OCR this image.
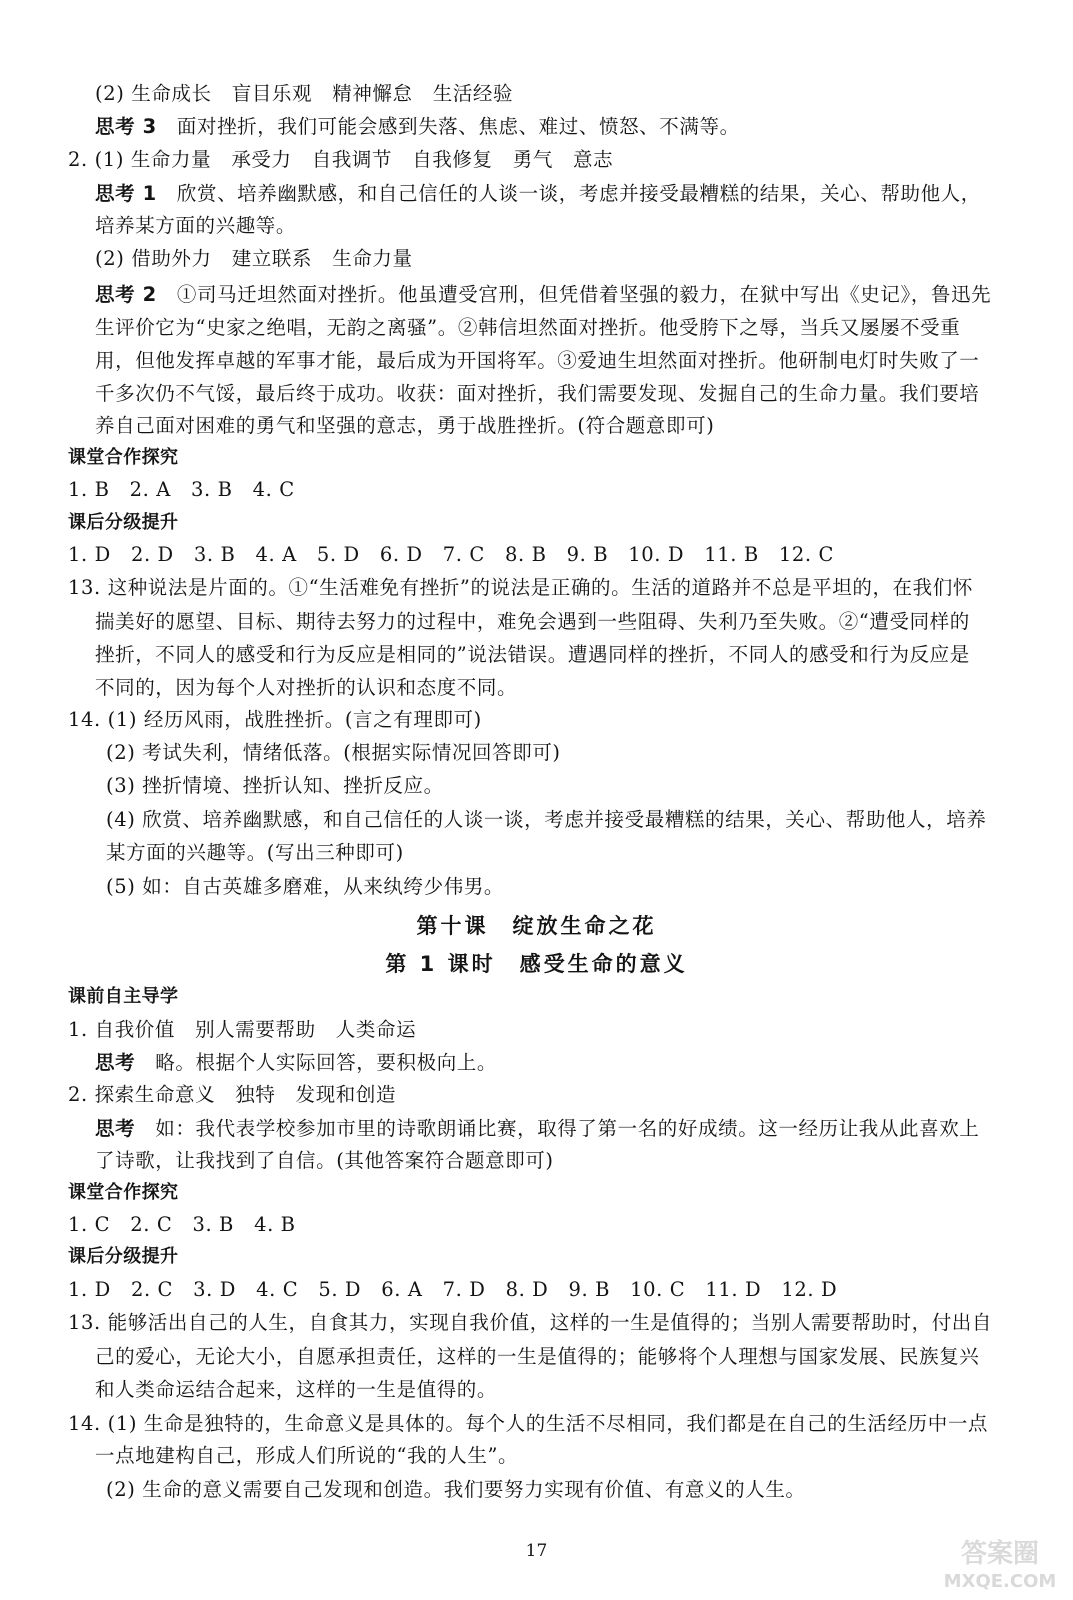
(2) 生命成长　盲目乐观　精神懈怠　生活经验
思考 3　面对挫折，我们可能会感到失落、焦虑、难过、愤怒、不满等。
2. (1) 生命力量　承受力　自我调节　自我修复　勇气　意志
思考 1　欣赏、培养幽默感，和自己信任的人谈一谈，考虑并接受最糟糕的结果，关心、帮助他人，
培养某方面的兴趣等。
(2) 借助外力　建立联系　生命力量
思考 2　①司马迁坦然面对挫折。他虽遭受宫刑，但凭借着坚强的毅力，在狱中写出《史记》，鲁迅先
生评价它为“史家之绝唱，无韵之离骚”。②韩信坦然面对挫折。他受胯下之辱，当兵又屡屡不受重
用，但他发挥卓越的军事才能，最后成为开国将军。③爱迪生坦然面对挫折。他研制电灯时失败了一
千多次仍不气馁，最后终于成功。收获：面对挫折，我们需要发现、发掘自己的生命力量。我们要培
养自己面对困难的勇气和坚强的意志，勇于战胜挫折。(符合题意即可)
课堂合作探究
1. B　2. A　3. B　4. C
课后分级提升
1. D　2. D　3. B　4. A　5. D　6. D　7. C　8. B　9. B　10. D　11. B　12. C
13. 这种说法是片面的。①“生活难免有挫折”的说法是正确的。生活的道路并不总是平坦的，在我们怀
揣美好的愿望、目标、期待去努力的过程中，难免会遇到一些阻碍、失利乃至失败。②“遭受同样的
挫折，不同人的感受和行为反应是相同的”说法错误。遭遇同样的挫折，不同人的感受和行为反应是
不同的，因为每个人对挫折的认识和态度不同。
14. (1) 经历风雨，战胜挫折。(言之有理即可)
(2) 考试失利，情绪低落。(根据实际情况回答即可)
(3) 挫折情境、挫折认知、挫折反应。
(4) 欣赏、培养幽默感，和自己信任的人谈一谈，考虑并接受最糟糕的结果，关心、帮助他人，培养
某方面的兴趣等。(写出三种即可)
(5) 如：自古英雄多磨难，从来纨绔少伟男。
第十课　绽放生命之花
第 1 课时　感受生命的意义
课前自主导学
1. 自我价值　别人需要帮助　人类命运
思考　略。根据个人实际回答，要积极向上。
2. 探索生命意义　独特　发现和创造
思考　如：我代表学校参加市里的诗歌朗诵比赛，取得了第一名的好成绩。这一经历让我从此喜欢上
了诗歌，让我找到了自信。(其他答案符合题意即可)
课堂合作探究
1. C　2. C　3. B　4. B
课后分级提升
1. D　2. C　3. D　4. C　5. D　6. A　7. D　8. D　9. B　10. C　11. D　12. D
13. 能够活出自己的人生，自食其力，实现自我价值，这样的一生是值得的；当别人需要帮助时，付出自
己的爱心，无论大小，自愿承担责任，这样的一生是值得的；能够将个人理想与国家发展、民族复兴
和人类命运结合起来，这样的一生是值得的。
14. (1) 生命是独特的，生命意义是具体的。每个人的生活不尽相同，我们都是在自己的生活经历中一点
一点地建构自己，形成人们所说的“我的人生”。
(2) 生命的意义需要自己发现和创造。我们要努力实现有价值、有意义的人生。
17	答案圈
MXQE.COM
